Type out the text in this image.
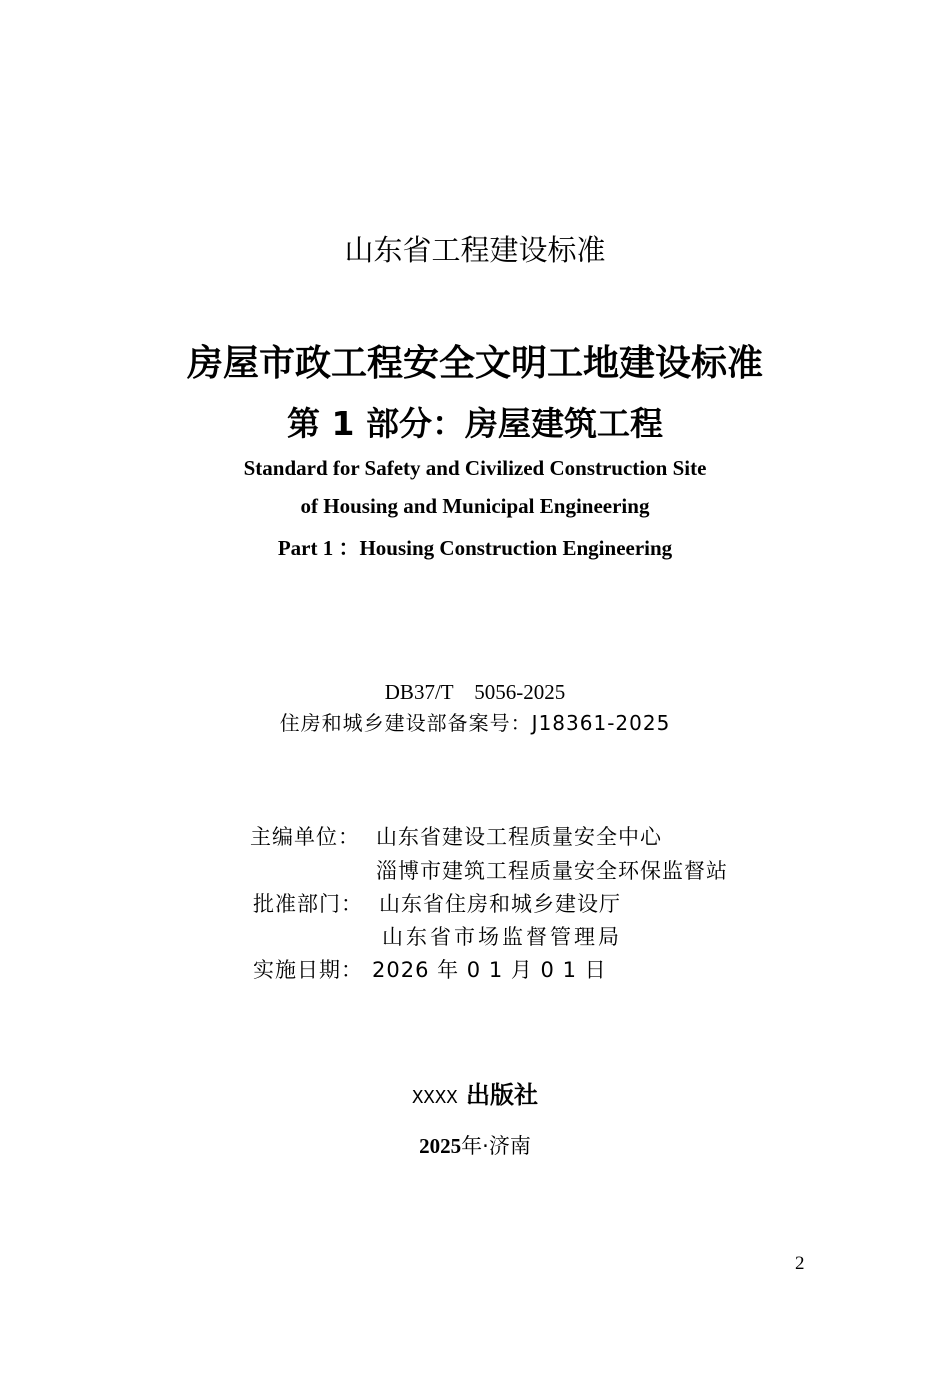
山东省工程建设标准
房屋市政工程安全文明工地建设标准
第 1 部分：房屋建筑工程
Standard for Safety and Civilized Construction Site
of Housing and Municipal Engineering
Part 1 ：Housing Construction Engineering
DB37/T　5056-2025
住房和城乡建设部备案号：J18361-2025
主编单位： 山东省建设工程质量安全中心
淄博市建筑工程质量安全环保监督站
批准部门： 山东省住房和城乡建设厅
山东省市场监督管理局
实施日期： 2026 年 0 1 月 0 1 日
XXXX 出版社
2025年·济南
2
